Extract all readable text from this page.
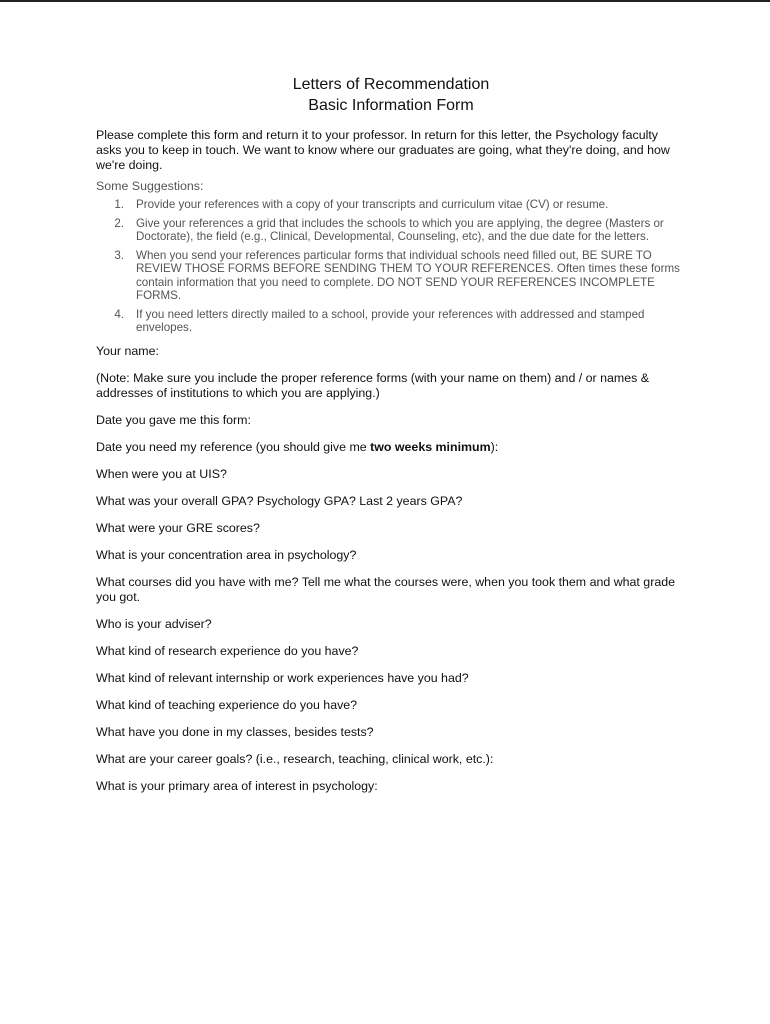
Letters of Recommendation
Basic Information Form

Please complete this form and return it to your professor. In return for this letter, the Psychology faculty asks you to keep in touch. We want to know where our graduates are going, what they're doing, and how we're doing.

Some Suggestions:

1.	Provide your references with a copy of your transcripts and curriculum vitae (CV) or resume.
2.	Give your references a grid that includes the schools to which you are applying, the degree (Masters or Doctorate), the field (e.g., Clinical, Developmental, Counseling, etc), and the due date for the letters.
3.	When you send your references particular forms that individual schools need filled out, BE SURE TO REVIEW THOSE FORMS BEFORE SENDING THEM TO YOUR REFERENCES. Often times these forms contain information that you need to complete. DO NOT SEND YOUR REFERENCES INCOMPLETE FORMS.
4.	If you need letters directly mailed to a school, provide your references with addressed and stamped envelopes.

Your name:

(Note: Make sure you include the proper reference forms (with your name on them) and / or names & addresses of institutions to which you are applying.)

Date you gave me this form:

Date you need my reference (you should give me two weeks minimum):

When were you at UIS?

What was your overall GPA? Psychology GPA? Last 2 years GPA?

What were your GRE scores?

What is your concentration area in psychology?

What courses did you have with me? Tell me what the courses were, when you took them and what grade you got.

Who is your adviser?

What kind of research experience do you have?

What kind of relevant internship or work experiences have you had?

What kind of teaching experience do you have?

What have you done in my classes, besides tests?

What are your career goals? (i.e., research, teaching, clinical work, etc.):

What is your primary area of interest in psychology:
